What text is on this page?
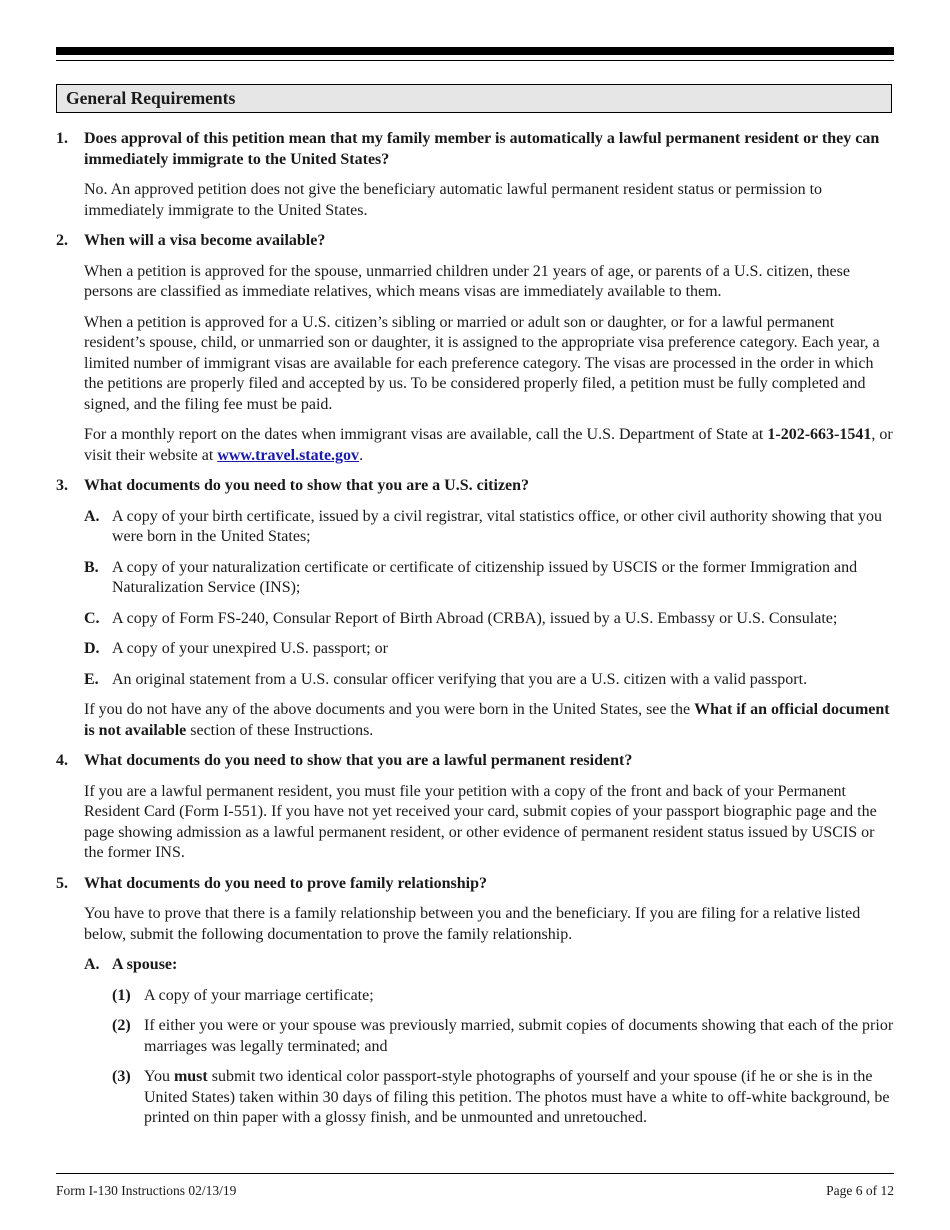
General Requirements
1.	Does approval of this petition mean that my family member is automatically a lawful permanent resident or they can immediately immigrate to the United States?

No. An approved petition does not give the beneficiary automatic lawful permanent resident status or permission to immediately immigrate to the United States.

2.	When will a visa become available?

When a petition is approved for the spouse, unmarried children under 21 years of age, or parents of a U.S. citizen, these persons are classified as immediate relatives, which means visas are immediately available to them.

When a petition is approved for a U.S. citizen’s sibling or married or adult son or daughter, or for a lawful permanent resident’s spouse, child, or unmarried son or daughter, it is assigned to the appropriate visa preference category. Each year, a limited number of immigrant visas are available for each preference category. The visas are processed in the order in which the petitions are properly filed and accepted by us. To be considered properly filed, a petition must be fully completed and signed, and the filing fee must be paid.

For a monthly report on the dates when immigrant visas are available, call the U.S. Department of State at 1-202-663-1541, or visit their website at www.travel.state.gov.

3.	What documents do you need to show that you are a U.S. citizen?
A. A copy of your birth certificate, issued by a civil registrar, vital statistics office, or other civil authority showing that you were born in the United States;
B. A copy of your naturalization certificate or certificate of citizenship issued by USCIS or the former Immigration and Naturalization Service (INS);
C. A copy of Form FS-240, Consular Report of Birth Abroad (CRBA), issued by a U.S. Embassy or U.S. Consulate;
D. A copy of your unexpired U.S. passport; or
E. An original statement from a U.S. consular officer verifying that you are a U.S. citizen with a valid passport.

If you do not have any of the above documents and you were born in the United States, see the What if an official document is not available section of these Instructions.

4.	What documents do you need to show that you are a lawful permanent resident?

If you are a lawful permanent resident, you must file your petition with a copy of the front and back of your Permanent Resident Card (Form I-551). If you have not yet received your card, submit copies of your passport biographic page and the page showing admission as a lawful permanent resident, or other evidence of permanent resident status issued by USCIS or the former INS.

5.	What documents do you need to prove family relationship?

You have to prove that there is a family relationship between you and the beneficiary. If you are filing for a relative listed below, submit the following documentation to prove the family relationship.

A. A spouse:
(1) A copy of your marriage certificate;
(2) If either you were or your spouse was previously married, submit copies of documents showing that each of the prior marriages was legally terminated; and
(3) You must submit two identical color passport-style photographs of yourself and your spouse (if he or she is in the United States) taken within 30 days of filing this petition. The photos must have a white to off-white background, be printed on thin paper with a glossy finish, and be unmounted and unretouched.
Form I-130 Instructions 02/13/19	Page 6 of 12
